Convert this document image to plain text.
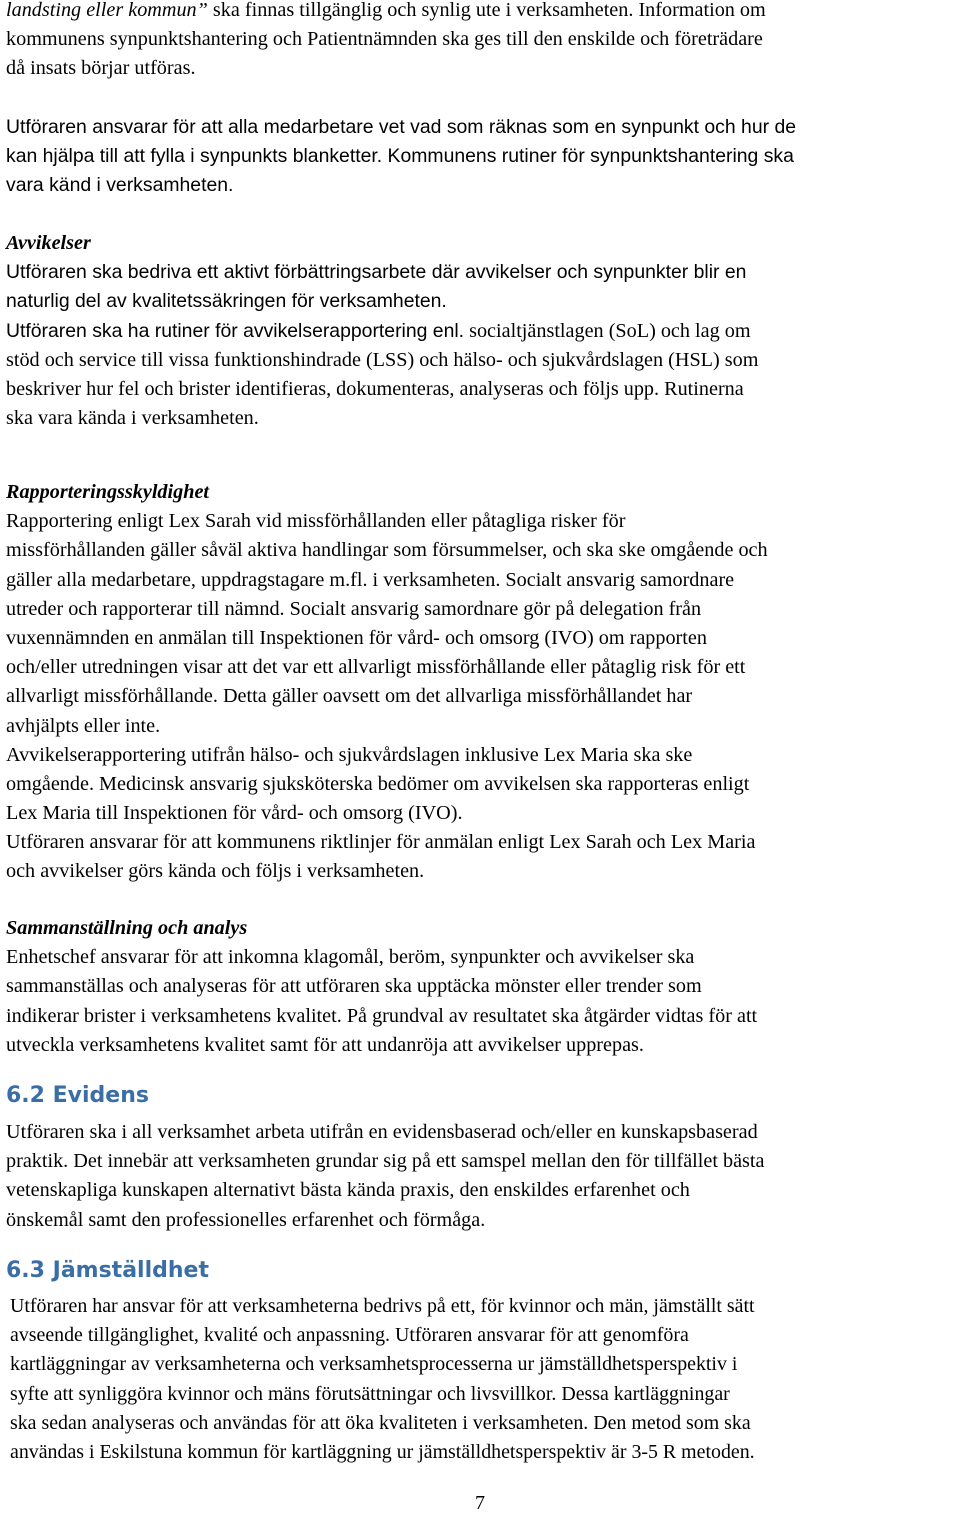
landsting eller kommun” ska finnas tillgänglig och synlig ute i verksamheten. Information om
kommunens synpunktshantering och Patientnämnden ska ges till den enskilde och företrädare
då insats börjar utföras.
Utföraren ansvarar för att alla medarbetare vet vad som räknas som en synpunkt och hur de
kan hjälpa till att fylla i synpunkts blanketter. Kommunens rutiner för synpunktshantering ska
vara känd i verksamheten.
Avvikelser
Utföraren ska bedriva ett aktivt förbättringsarbete där avvikelser och synpunkter blir en
naturlig del av kvalitetssäkringen för verksamheten.
Utföraren ska ha rutiner för avvikelserapportering enl. socialtjänstlagen (SoL) och lag om
stöd och service till vissa funktionshindrade (LSS) och hälso- och sjukvårdslagen (HSL) som
beskriver hur fel och brister identifieras, dokumenteras, analyseras och följs upp. Rutinerna
ska vara kända i verksamheten.
Rapporteringsskyldighet
Rapportering enligt Lex Sarah vid missförhållanden eller påtagliga risker för
missförhållanden gäller såväl aktiva handlingar som försummelser, och ska ske omgående och
gäller alla medarbetare, uppdragstagare m.fl. i verksamheten. Socialt ansvarig samordnare
utreder och rapporterar till nämnd. Socialt ansvarig samordnare gör på delegation från
vuxennämnden en anmälan till Inspektionen för vård- och omsorg (IVO) om rapporten
och/eller utredningen visar att det var ett allvarligt missförhållande eller påtaglig risk för ett
allvarligt missförhållande. Detta gäller oavsett om det allvarliga missförhållandet har
avhjälpts eller inte.
Avvikelserapportering utifrån hälso- och sjukvårdslagen inklusive Lex Maria ska ske
omgående. Medicinsk ansvarig sjuksköterska bedömer om avvikelsen ska rapporteras enligt
Lex Maria till Inspektionen för vård- och omsorg (IVO).
Utföraren ansvarar för att kommunens riktlinjer för anmälan enligt Lex Sarah och Lex Maria
och avvikelser görs kända och följs i verksamheten.
Sammanställning och analys
Enhetschef ansvarar för att inkomna klagomål, beröm, synpunkter och avvikelser ska
sammanställas och analyseras för att utföraren ska upptäcka mönster eller trender som
indikerar brister i verksamhetens kvalitet. På grundval av resultatet ska åtgärder vidtas för att
utveckla verksamhetens kvalitet samt för att undanröja att avvikelser upprepas.
6.2 Evidens
Utföraren ska i all verksamhet arbeta utifrån en evidensbaserad och/eller en kunskapsbaserad
praktik. Det innebär att verksamheten grundar sig på ett samspel mellan den för tillfället bästa
vetenskapliga kunskapen alternativt bästa kända praxis, den enskildes erfarenhet och
önskemål samt den professionelles erfarenhet och förmåga.
6.3 Jämställdhet
Utföraren har ansvar för att verksamheterna bedrivs på ett, för kvinnor och män, jämställt sätt
avseende tillgänglighet, kvalité och anpassning. Utföraren ansvarar för att genomföra
kartläggningar av verksamheterna och verksamhetsprocesserna ur jämställdhetsperspektiv i
syfte att synliggöra kvinnor och mäns förutsättningar och livsvillkor. Dessa kartläggningar
ska sedan analyseras och användas för att öka kvaliteten i verksamheten. Den metod som ska
användas i Eskilstuna kommun för kartläggning ur jämställdhetsperspektiv är 3-5 R metoden.
7
